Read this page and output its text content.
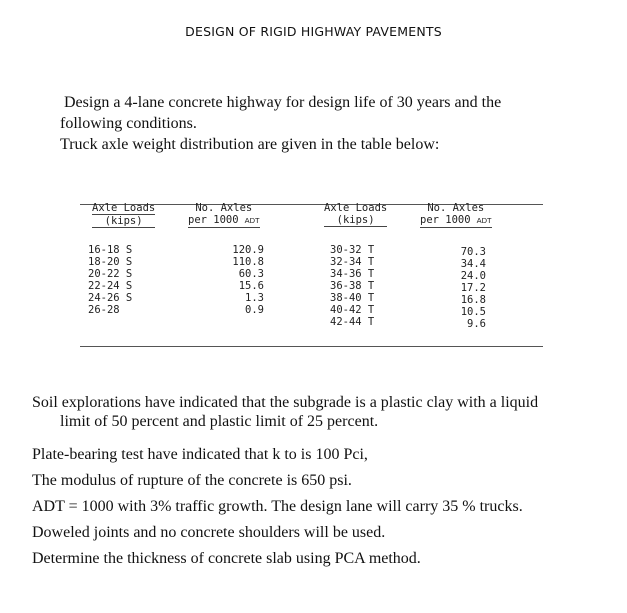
DESIGN OF RIGID HIGHWAY PAVEMENTS
Design a 4-lane concrete highway for design life of 30 years and the
following conditions.
Truck axle weight distribution are given in the table below:
Axle Loads
(kips)
No. Axles
per 1000 ADT
Axle Loads
(kips)
No. Axles
per 1000 ADT
16-18 S
18-20 S
20-22 S
22-24 S
24-26 S
26-28
120.9
110.8
60.3
15.6
1.3
0.9
30-32 T
32-34 T
34-36 T
36-38 T
38-40 T
40-42 T
42-44 T
70.3
34.4
24.0
17.2
16.8
10.5
9.6

Soil explorations have indicated that the subgrade is a plastic clay with a liquid

limit of 50 percent and plastic limit of 25 percent.

Plate-bearing test have indicated that k to is 100 Pci,

The modulus of rupture of the concrete is 650 psi.

ADT = 1000 with 3% traffic growth. The design lane will carry 35 % trucks.

Doweled joints and no concrete shoulders will be used.

Determine the thickness of concrete slab using PCA method.
